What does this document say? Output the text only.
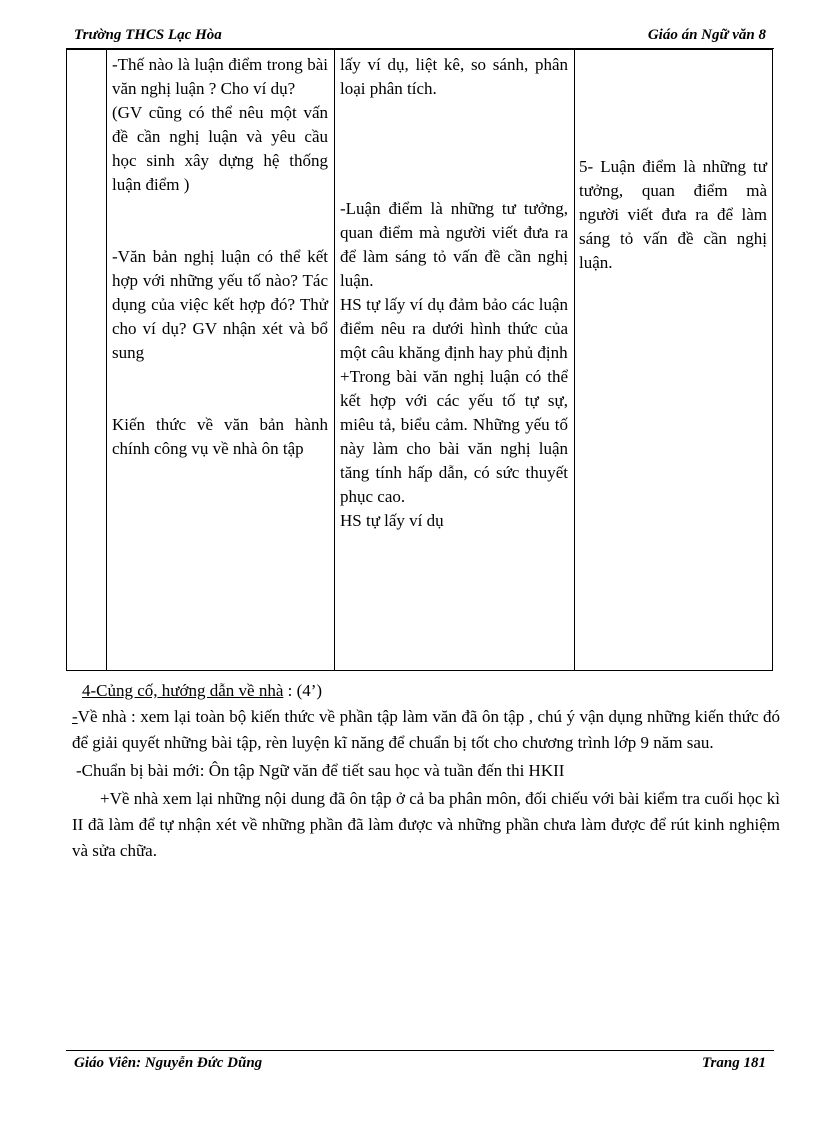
Trường THCS Lạc Hòa	Giáo án Ngữ văn 8

-Thế nào là luận điểm trong bài văn nghị luận ? Cho ví dụ?

(GV cũng có thể nêu một vấn đề cần nghị luận và yêu cầu học sinh xây dựng hệ thống luận điểm )

-Văn bản nghị luận có thể kết hợp với những yếu tố nào? Tác dụng của việc kết hợp đó? Thử cho ví dụ? GV nhận xét và bổ sung

Kiến thức về văn bản hành chính công vụ về nhà ôn tập

lấy ví dụ, liệt kê, so sánh, phân loại phân tích.

-Luận điểm là những tư tưởng, quan điểm mà người viết đưa ra để làm sáng tỏ vấn đề cần nghị luận.

HS tự lấy ví dụ đảm bảo các luận điểm nêu ra dưới hình thức của một câu khăng định hay phủ định

+Trong bài văn nghị luận có thể kết hợp với các yếu tố tự sự, miêu tả, biểu cảm. Những yếu tố này làm cho bài văn nghị luận tăng tính hấp dẫn, có sức thuyết phục cao.

HS tự lấy ví dụ

5- Luận điểm là những tư tưởng, quan điểm mà người viết đưa ra để làm sáng tỏ vấn đề cần nghị luận.

4-Củng cố, hướng dẫn về nhà : (4’)

-Về nhà : xem lại toàn bộ kiến thức về phần tập làm văn đã ôn tập , chú ý vận dụng những kiến thức đó để giải quyết những bài tập, rèn luyện kĩ năng để chuẩn bị tốt cho chương trình lớp 9 năm sau.

-Chuẩn bị bài mới: Ôn tập Ngữ văn để tiết sau học và tuần đến thi HKII

+Về nhà xem lại những nội dung đã ôn tập ở cả ba phân môn, đối chiếu với bài kiểm tra cuối học kì II đã làm để tự nhận xét về những phần đã làm được và những phần chưa làm được để rút kinh nghiệm và sửa chữa.

Giáo Viên: Nguyễn Đức Dũng	Trang 181
